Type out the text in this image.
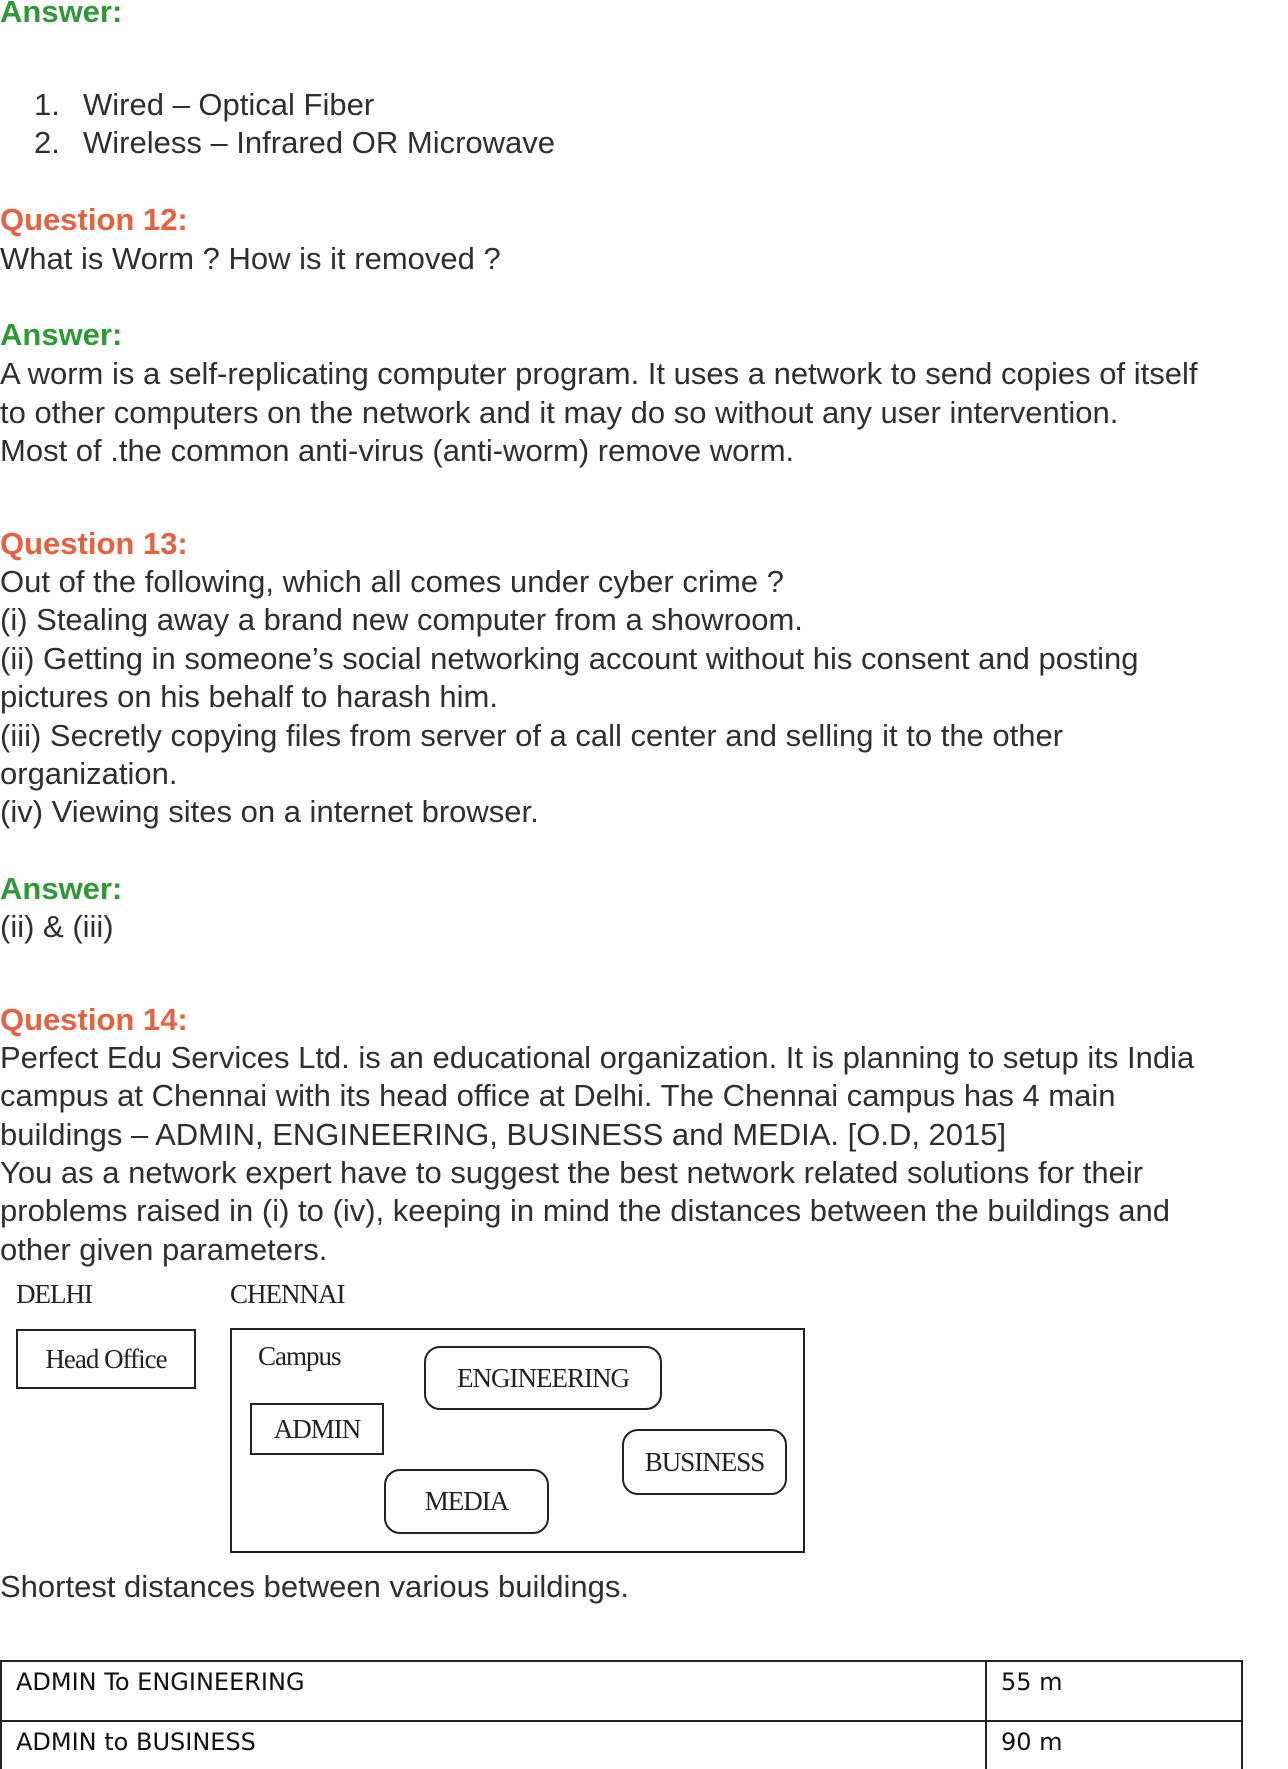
Answer:
1. Wired – Optical Fiber
2. Wireless – Infrared OR Microwave
Question 12:
What is Worm ? How is it removed ?
Answer:
A worm is a self-replicating computer program. It uses a network to send copies of itself
to other computers on the network and it may do so without any user intervention.
Most of .the common anti-virus (anti-worm) remove worm.
Question 13:
Out of the following, which all comes under cyber crime ?
(i) Stealing away a brand new computer from a showroom.
(ii) Getting in someone’s social networking account without his consent and posting
pictures on his behalf to harash him.
(iii) Secretly copying files from server of a call center and selling it to the other
organization.
(iv) Viewing sites on a internet browser.
Answer:
(ii) & (iii)
Question 14:
Perfect Edu Services Ltd. is an educational organization. It is planning to setup its India
campus at Chennai with its head office at Delhi. The Chennai campus has 4 main
buildings – ADMIN, ENGINEERING, BUSINESS and MEDIA. [O.D, 2015]
You as a network expert have to suggest the best network related solutions for their
problems raised in (i) to (iv), keeping in mind the distances between the buildings and
other given parameters.
DELHI	CHENNAI
Head Office	Campus
ENGINEERING
ADMIN
BUSINESS
MEDIA
Shortest distances between various buildings.
ADMIN To ENGINEERING	55 m
ADMIN to BUSINESS	90 m
